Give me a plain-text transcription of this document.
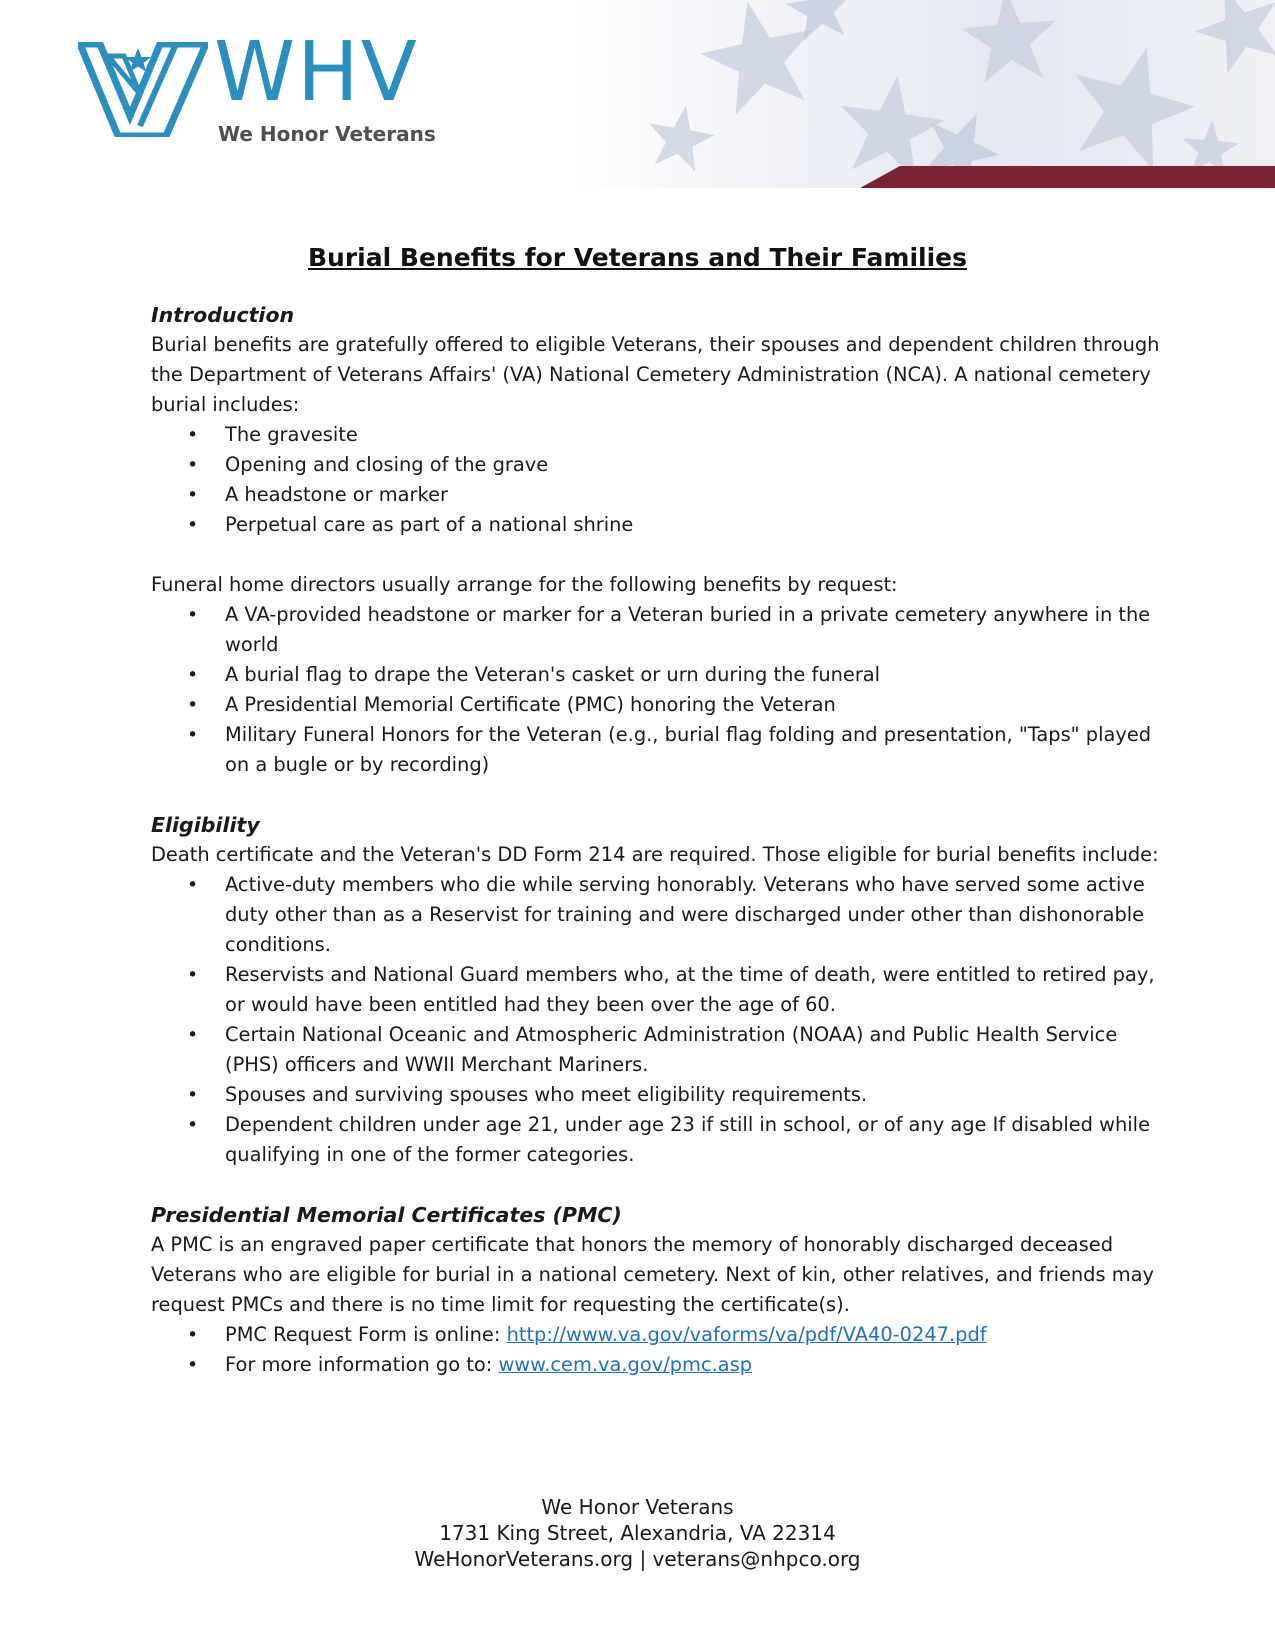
WHV
We Honor Veterans
Burial Benefits for Veterans and Their Families

Introduction

Burial benefits are gratefully offered to eligible Veterans, their spouses and dependent children through the Department of Veterans Affairs' (VA) National Cemetery Administration (NCA). A national cemetery burial includes:

• The gravesite
• Opening and closing of the grave
• A headstone or marker
• Perpetual care as part of a national shrine

Funeral home directors usually arrange for the following benefits by request:

• A VA-provided headstone or marker for a Veteran buried in a private cemetery anywhere in the world
• A burial flag to drape the Veteran's casket or urn during the funeral
• A Presidential Memorial Certificate (PMC) honoring the Veteran
• Military Funeral Honors for the Veteran (e.g., burial flag folding and presentation, "Taps" played on a bugle or by recording)

Eligibility

Death certificate and the Veteran's DD Form 214 are required. Those eligible for burial benefits include:

• Active-duty members who die while serving honorably. Veterans who have served some active duty other than as a Reservist for training and were discharged under other than dishonorable conditions.
• Reservists and National Guard members who, at the time of death, were entitled to retired pay, or would have been entitled had they been over the age of 60.
• Certain National Oceanic and Atmospheric Administration (NOAA) and Public Health Service (PHS) officers and WWII Merchant Mariners.
• Spouses and surviving spouses who meet eligibility requirements.
• Dependent children under age 21, under age 23 if still in school, or of any age If disabled while qualifying in one of the former categories.

Presidential Memorial Certificates (PMC)

A PMC is an engraved paper certificate that honors the memory of honorably discharged deceased Veterans who are eligible for burial in a national cemetery. Next of kin, other relatives, and friends may request PMCs and there is no time limit for requesting the certificate(s).

• PMC Request Form is online: http://www.va.gov/vaforms/va/pdf/VA40-0247.pdf
• For more information go to: www.cem.va.gov/pmc.asp
We Honor Veterans
1731 King Street, Alexandria, VA 22314
WeHonorVeterans.org | veterans@nhpco.org
